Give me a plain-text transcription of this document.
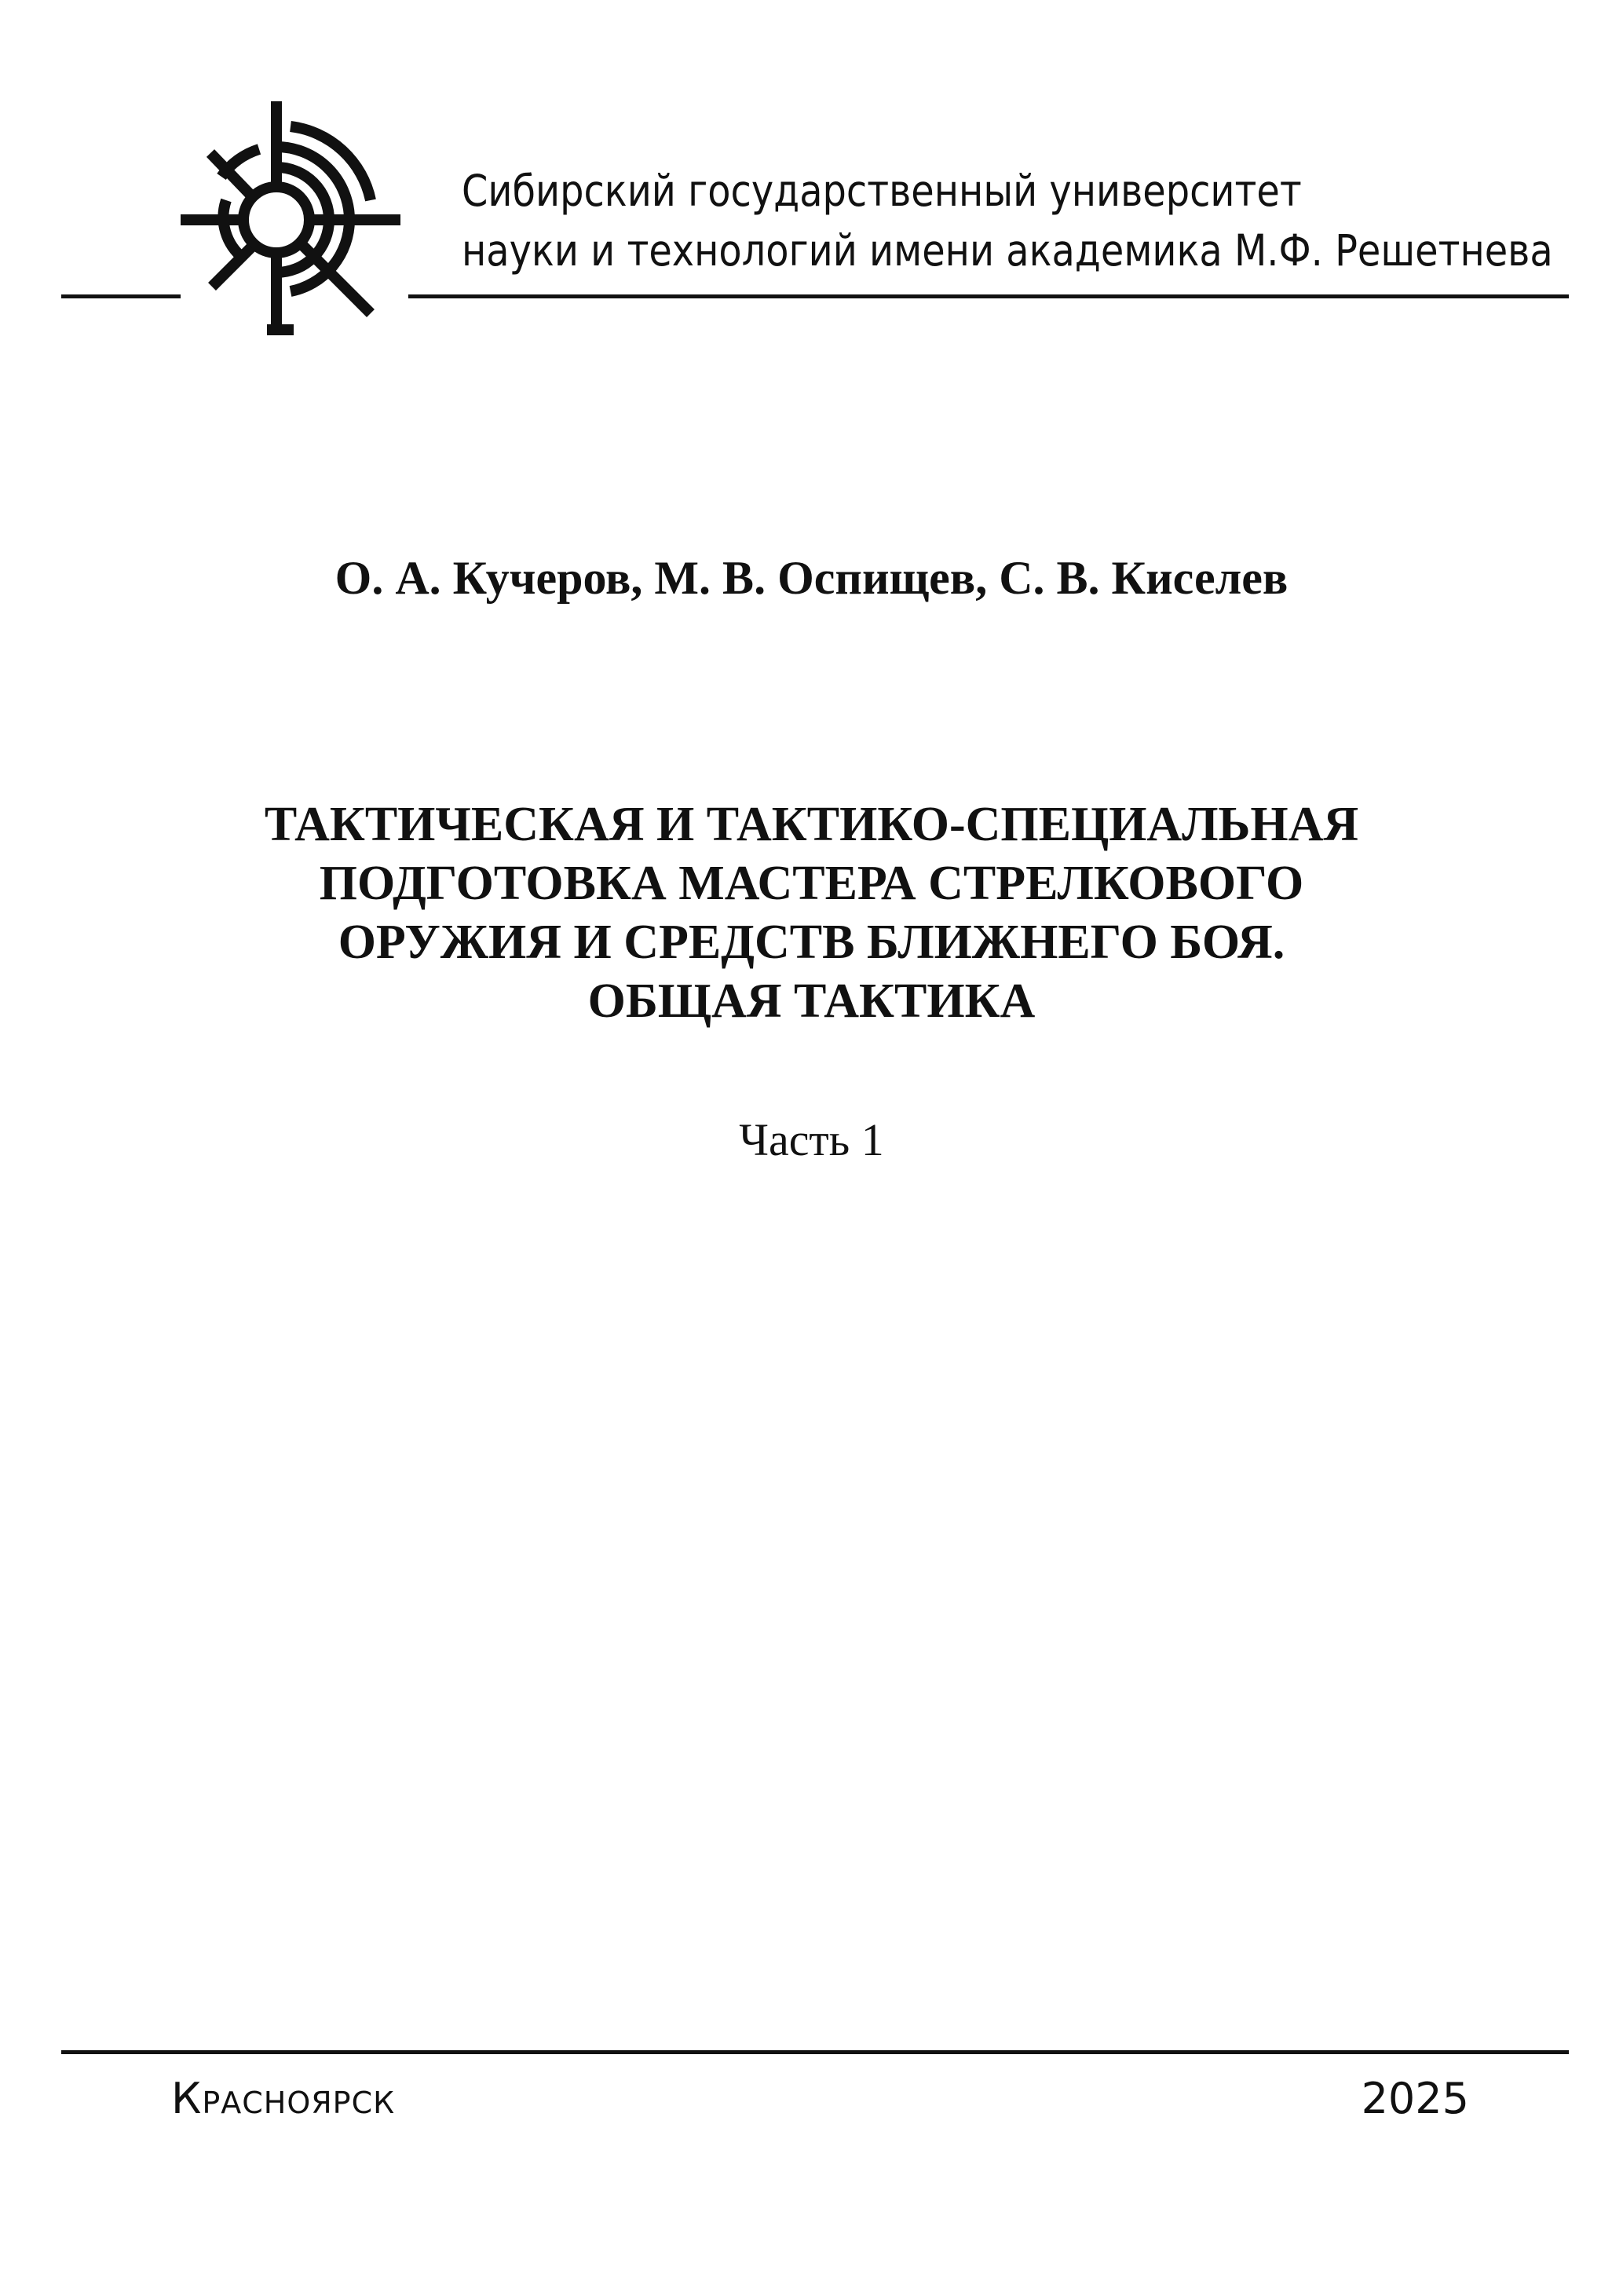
Сибирский государственный университет
науки и технологий имени академика М.Ф. Решетнева

О. А. Кучеров, М. В. Оспищев, С. В. Киселев

ТАКТИЧЕСКАЯ И ТАКТИКО-СПЕЦИАЛЬНАЯ
ПОДГОТОВКА МАСТЕРА СТРЕЛКОВОГО
ОРУЖИЯ И СРЕДСТВ БЛИЖНЕГО БОЯ.
ОБЩАЯ ТАКТИКА

Часть 1

Красноярск	2025
